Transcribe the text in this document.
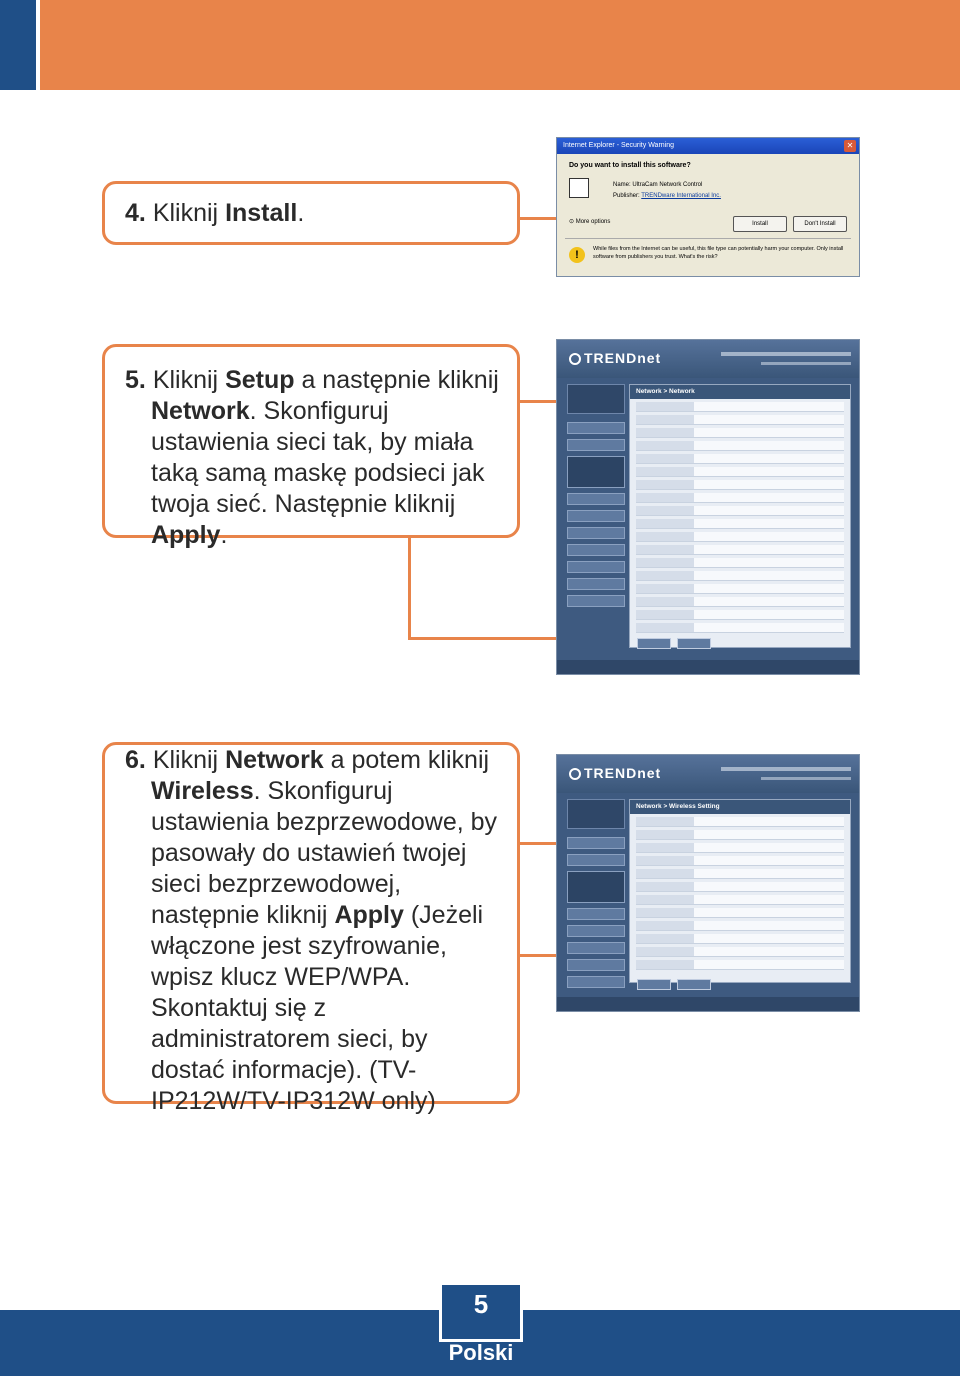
4. Kliknij Install.
5. Kliknij Setup a następnie kliknij Network. Skonfiguruj ustawienia sieci tak, by miała taką samą maskę podsieci jak twoja sieć. Następnie kliknij Apply.
6. Kliknij Network a potem kliknij Wireless. Skonfiguruj ustawienia bezprzewodowe, by pasowały do ustawień twojej sieci bezprzewodowej, następnie kliknij Apply (Jeżeli włączone jest szyfrowanie, wpisz klucz WEP/WPA. Skontaktuj się z administratorem sieci, by dostać informacje). (TV-IP212W/TV-IP312W only)
Internet Explorer - Security Warning	✕
Do you want to install this software?
Name: UltraCam Network Control
Publisher: TRENDware International Inc.
⊙ More options	Install	Don't Install
!	While files from the Internet can be useful, this file type can potentially harm your computer. Only install software from publishers you trust. What's the risk?
TRENDnet
Network > Network
TRENDnet
Network > Wireless Setting
5
Polski
